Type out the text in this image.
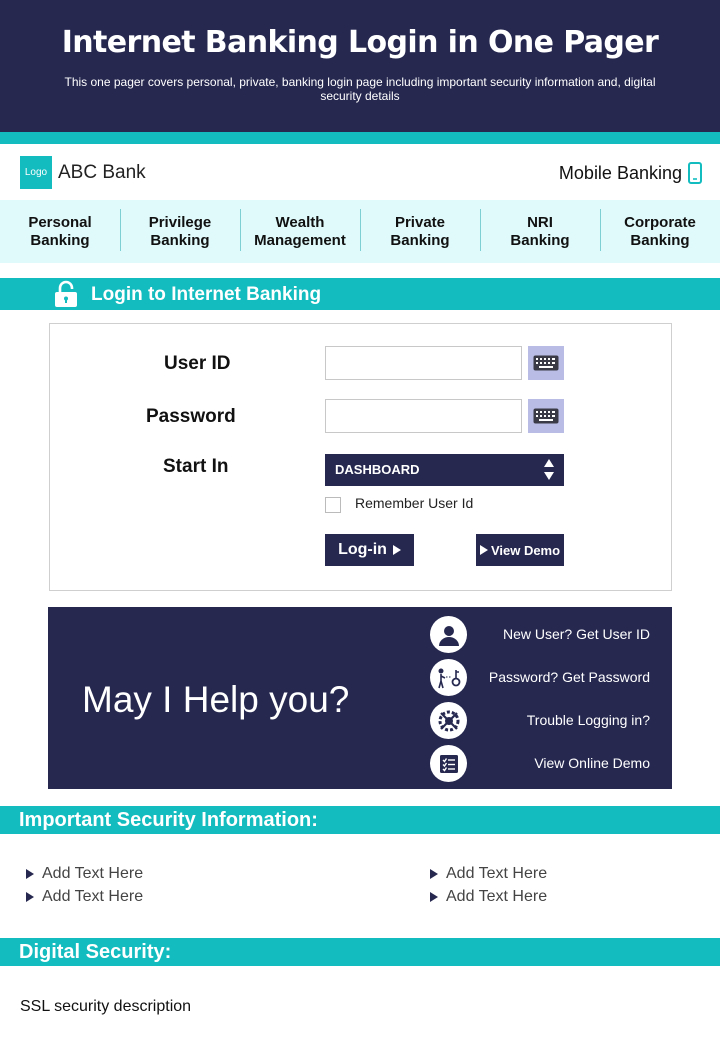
Internet Banking Login in One Pager

This one pager covers personal, private, banking login page including important security information and, digital security details

Logo ABC Bank	Mobile Banking
Personal
Banking
Privilege
Banking
Wealth
Management
Private
Banking
NRI
Banking
Corporate
Banking
Login to Internet Banking
User ID
Password
Start In	DASHBOARD
Remember User Id
Log-in	View Demo
May I Help you?
New User? Get User ID
Password? Get Password
Trouble Logging in?
View Online Demo
Important Security Information:
Add Text Here
Add Text Here
Add Text Here
Add Text Here
Digital Security:
SSL security description
